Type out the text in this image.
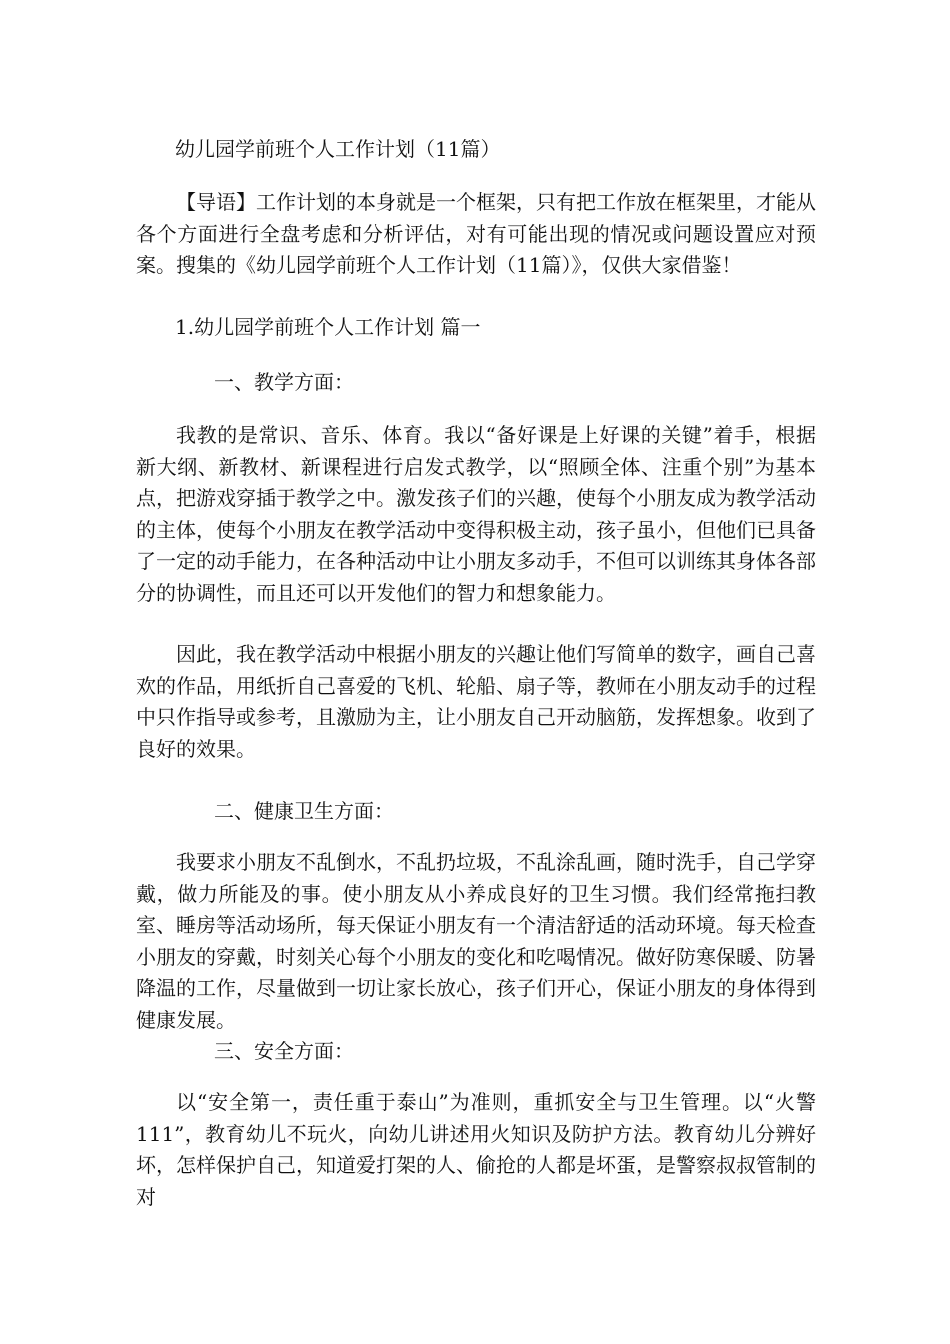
幼儿园学前班个人工作计划（11篇）

【导语】工作计划的本身就是一个框架，只有把工作放在框架里，才能从各个方面进行全盘考虑和分析评估，对有可能出现的情况或问题设置应对预案。搜集的《幼儿园学前班个人工作计划（11篇）》，仅供大家借鉴！

1.幼儿园学前班个人工作计划 篇一
一、教学方面：

我教的是常识、音乐、体育。我以“备好课是上好课的关键”着手，根据新大纲、新教材、新课程进行启发式教学，以“照顾全体、注重个别”为基本点，把游戏穿插于教学之中。激发孩子们的兴趣，使每个小朋友成为教学活动的主体，使每个小朋友在教学活动中变得积极主动，孩子虽小，但他们已具备了一定的动手能力，在各种活动中让小朋友多动手，不但可以训练其身体各部分的协调性，而且还可以开发他们的智力和想象能力。

因此，我在教学活动中根据小朋友的兴趣让他们写简单的数字，画自己喜欢的作品，用纸折自己喜爱的飞机、轮船、扇子等，教师在小朋友动手的过程中只作指导或参考，且激励为主，让小朋友自己开动脑筋，发挥想象。收到了良好的效果。

二、健康卫生方面：

我要求小朋友不乱倒水，不乱扔垃圾，不乱涂乱画，随时洗手，自己学穿戴，做力所能及的事。使小朋友从小养成良好的卫生习惯。我们经常拖扫教室、睡房等活动场所，每天保证小朋友有一个清洁舒适的活动环境。每天检查小朋友的穿戴，时刻关心每个小朋友的变化和吃喝情况。做好防寒保暖、防暑降温的工作，尽量做到一切让家长放心，孩子们开心，保证小朋友的身体得到健康发展。

三、安全方面：

以“安全第一，责任重于泰山”为准则，重抓安全与卫生管理。以“火警111”，教育幼儿不玩火，向幼儿讲述用火知识及防护方法。教育幼儿分辨好坏，怎样保护自己，知道爱打架的人、偷抢的人都是坏蛋，是警察叔叔管制的对
